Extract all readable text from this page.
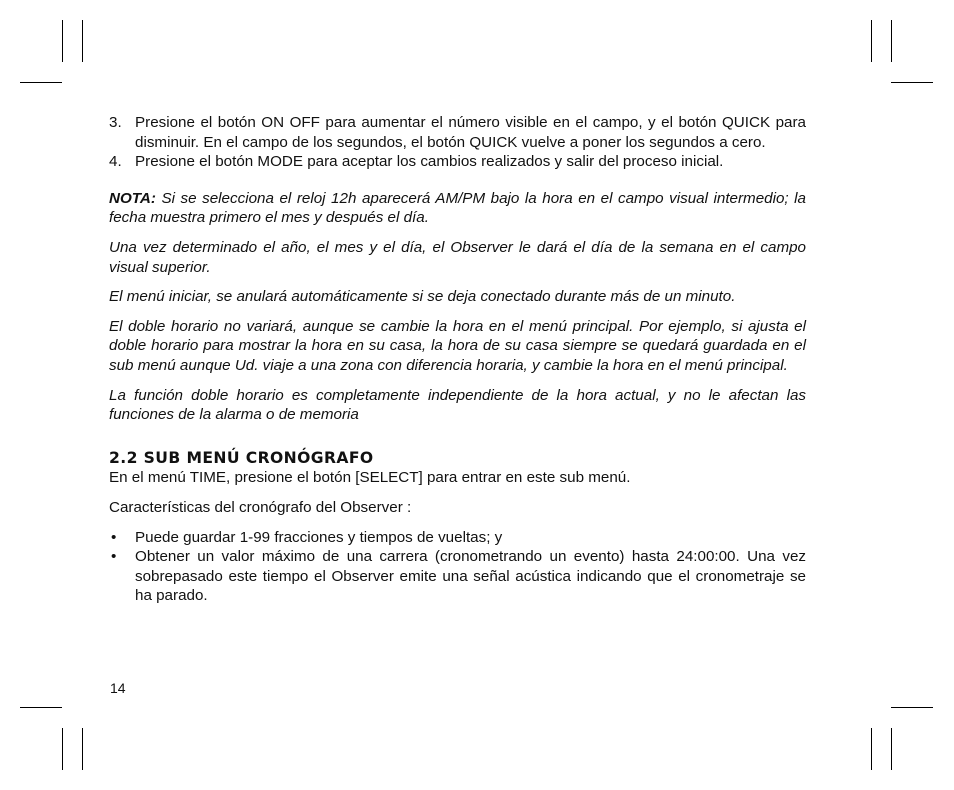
3. Presione el botón ON OFF para aumentar el número visible en el campo, y el botón QUICK para disminuir. En el campo de los segundos, el botón QUICK vuelve a poner los segundos a cero.
4. Presione el botón MODE para aceptar los cambios realizados y salir del proceso inicial.

NOTA: Si se selecciona el reloj 12h aparecerá AM/PM bajo la hora en el campo visual intermedio; la fecha muestra primero el mes y después el día.

Una vez determinado el año, el mes y el día, el Observer le dará el día de la semana en el campo visual superior.

El menú iniciar, se anulará automáticamente si se deja conectado durante más de un minuto.

El doble horario no variará, aunque se cambie la hora en el menú principal. Por ejemplo, si ajusta el doble horario para mostrar la hora en su casa, la hora de su casa siempre se quedará guardada en el sub menú aunque Ud. viaje a una zona con diferencia horaria, y cambie la hora en el menú principal.

La función doble horario es completamente independiente de la hora actual, y no le afectan las funciones de la alarma o de memoria

2.2 SUB MENÚ CRONÓGRAFO

En el menú TIME, presione el botón [SELECT] para entrar en este sub menú.

Características del cronógrafo del Observer :

• Puede guardar 1-99 fracciones y tiempos de vueltas; y
• Obtener un valor máximo de una carrera (cronometrando un evento) hasta 24:00:00. Una vez sobrepasado este tiempo el Observer emite una señal acústica indicando que el cronometraje se ha parado.
14
